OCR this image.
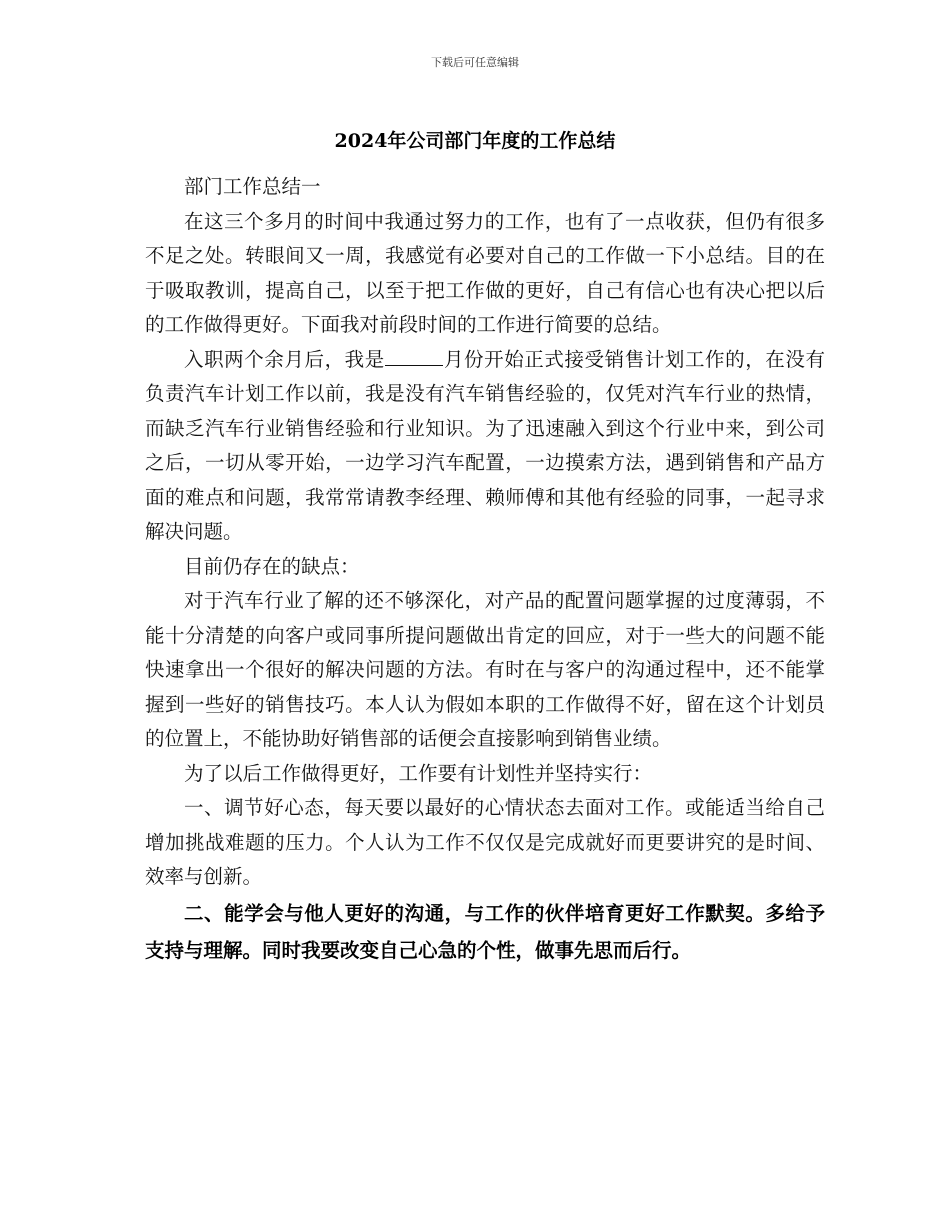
下载后可任意编辑
2024年公司部门年度的工作总结

部门工作总结一

在这三个多月的时间中我通过努力的工作，也有了一点收获，但仍有很多不足之处。转眼间又一周，我感觉有必要对自己的工作做一下小总结。目的在于吸取教训，提高自己，以至于把工作做的更好，自己有信心也有决心把以后的工作做得更好。下面我对前段时间的工作进行简要的总结。

入职两个余月后，我是	月份开始正式接受销售计划工作的，在没有负责汽车计划工作以前，我是没有汽车销售经验的，仅凭对汽车行业的热情，而缺乏汽车行业销售经验和行业知识。为了迅速融入到这个行业中来，到公司之后，一切从零开始，一边学习汽车配置，一边摸索方法，遇到销售和产品方面的难点和问题，我常常请教李经理、赖师傅和其他有经验的同事，一起寻求解决问题。

目前仍存在的缺点：

对于汽车行业了解的还不够深化，对产品的配置问题掌握的过度薄弱，不能十分清楚的向客户或同事所提问题做出肯定的回应，对于一些大的问题不能快速拿出一个很好的解决问题的方法。有时在与客户的沟通过程中，还不能掌握到一些好的销售技巧。本人认为假如本职的工作做得不好，留在这个计划员的位置上，不能协助好销售部的话便会直接影响到销售业绩。

为了以后工作做得更好，工作要有计划性并坚持实行：

一、调节好心态，每天要以最好的心情状态去面对工作。或能适当给自己增加挑战难题的压力。个人认为工作不仅仅是完成就好而更要讲究的是时间、效率与创新。

二、能学会与他人更好的沟通，与工作的伙伴培育更好工作默契。多给予支持与理解。同时我要改变自己心急的个性，做事先思而后行。
